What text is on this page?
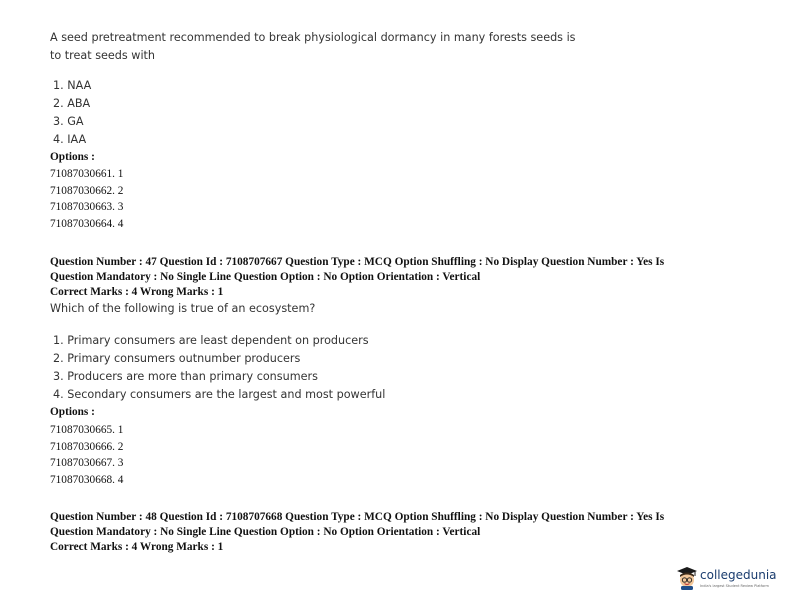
A seed pretreatment recommended to break physiological dormancy in many forests seeds is
to treat seeds with
1. NAA
2. ABA
3. GA
4. IAA
Options :
71087030661. 1
71087030662. 2
71087030663. 3
71087030664. 4
Question Number : 47 Question Id : 7108707667 Question Type : MCQ Option Shuffling : No Display Question Number : Yes Is
Question Mandatory : No Single Line Question Option : No Option Orientation : Vertical
Correct Marks : 4 Wrong Marks : 1
Which of the following is true of an ecosystem?
1. Primary consumers are least dependent on producers
2. Primary consumers outnumber producers
3. Producers are more than primary consumers
4. Secondary consumers are the largest and most powerful
Options :
71087030665. 1
71087030666. 2
71087030667. 3
71087030668. 4
Question Number : 48 Question Id : 7108707668 Question Type : MCQ Option Shuffling : No Display Question Number : Yes Is
Question Mandatory : No Single Line Question Option : No Option Orientation : Vertical
Correct Marks : 4 Wrong Marks : 1
collegedunia
India's largest Student Review Platform
